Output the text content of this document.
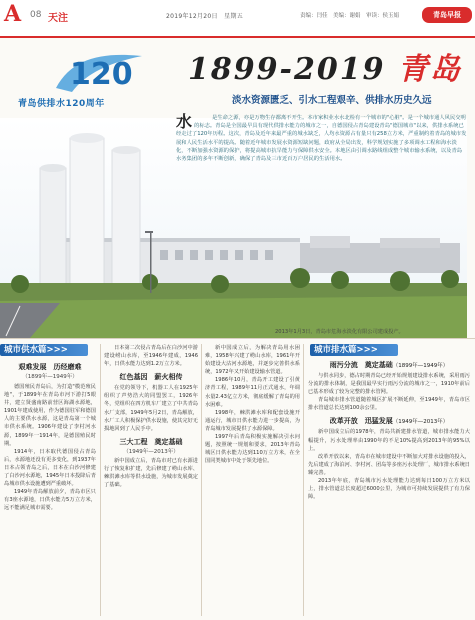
A 08 天注	2019年12月20日　星期五	责编：闫佳　美编：谢娟　审读：侯玉娟	青岛早报
120
青岛供排水120周年
1899-2019 青岛
淡水资源匮乏、引水工程艰辛、供排水历史久远
水	是生命之源，亦是万物生存都离不开生。本市家积业水水北检有一个城市的"心脏"。是一个城市通人风民交明的标志。青岛是全国最早具有现代供排水能力的城市之一，自德国侵占青岛建设青岛"德国城市"以来，供排水系统已经走过了120年历程。这次，青岛及近年来最严重的城水缺乏，人均水资源占有量只有258立方米，严重制约着青岛的城市发展和人民生活水平的提高。随着近年城市发展水资源短缺问题，政府从全局出发，科学规划实施了多项调水工程和海水淡化，不断加强水资源的保护，将提高城市抗旱能力与保障供水安全。本地区由引调水路线组成整个城市输水系统，以及青岛水务集团的多年不断创新，确保了青岛及三市近百万户居民的生活用水。
2013年1月3日，青岛市危海水淡化有限公司建成投产。
城市供水篇>>>
艰难发展　历经磨难
（1899年—1949年）

德国殖民青岛后，为打造"模范殖民地"，于1899年在青岛市河下游打5眼井，建立贤盛南路前营区海湖水源地，1901年建成使用，作为德国驻军和德国人的主要供水水源，这是青岛第一个城市供水系统。1906年建设了李村河水源，1899年一1914年，是德国殖民时期。

1914年，日本取代德国侵占青岛后，水源地还没有更多变化，到1937年日本占领青岛之后，日本在白沙河修建了白沙河水源地，1945年日本投降后青岛城市供水设施遭到严重破坏。

1949年青岛解放前夕，青岛市区只有3座水源地，日供水能力5万立方米，远不能满足城市需要。

日本第二次侵占青岛后在白沙河中游建设崂山水库，至1946年建成，1946年，日供水能力达到1.2万立方米。

红色基因　薪火相传

在党的领导下，机器工人在1925年组织了声势浩大的同盟罢工，1926年冬，党组织在四方机车厂建立了中共青岛水厂支部，1949年5月2日，青岛解放，水厂工人积极保护供水设施，使其完好无损地回到了人民手中。

三大工程　奠定基础
（1949年—2013年）

新中国成立后，青岛市对已有水源进行了恢复和扩建，先后修建了崂山水库、棘洪滩水库等供水设施，为城市发展奠定了基础。

新中国成立后，为解决青岛用水困难，1958年兴建了崂山水库，1961年开始建设大沽河水源地，并逐步完善供水系统，1972年又开始建设输水管道。

1986年10月，青岛开工建设了引黄济青工程，1989年11月正式通水，年调水量2.43亿立方米，彻底缓解了青岛的用水困难。

1998年，棘洪滩水库和配套设施开通运行，城市日供水能力进一步提高，为青岛城市发展提供了水源保障。

1997年后青岛积极实施解决引水问题，按照统一规划和要求，2013年青岛城区日供水能力达到110万立方米，在全国同类城市中处于领先地位。

城市排水篇>>>
雨污分流　奠定基础（1899年—1949年）

与供水同步，德占时期青岛已经开始规划建设排水系统，采用雨污分流的排水体制，是我国最早实行雨污分流的城市之一，1910年前后已基本形成了较为完整的排水管网。

青岛城市排水管道随着城区扩展不断延伸，至1949年，青岛市区排水管道总长达到100余公里。

改革开放　迅猛发展（1949年—2013年）

新中国成立后的1978年，青岛共新建排水管道，城市排水能力大幅提升，污水处理率由1990年的不足10%提高到2013年的95%以上。

改革开放以来，青岛市在城市建设中不断加大对排水设施的投入，先后建成了海泊河、李村河、团岛等多座污水处理厂，城市排水系统日臻完善。

2013年年底，青岛城市污水处理能力达到每日100万立方米以上，排水管道总长度超过6000公里，为城市可持续发展提供了有力保障。
